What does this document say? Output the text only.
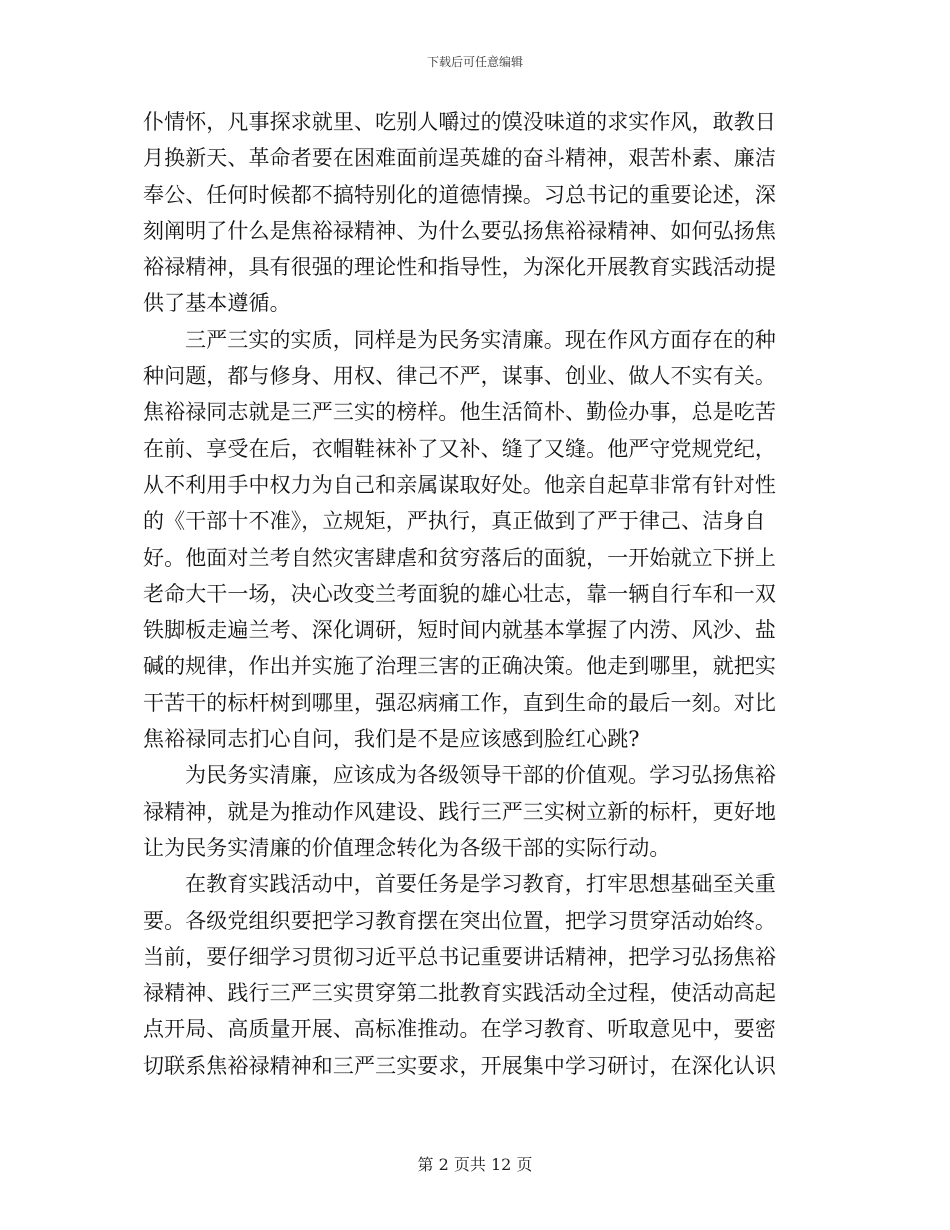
下载后可任意编辑
仆情怀，凡事探求就里、吃别人嚼过的馍没味道的求实作风，敢教日
月换新天、革命者要在困难面前逞英雄的奋斗精神，艰苦朴素、廉洁
奉公、任何时候都不搞特别化的道德情操。习总书记的重要论述，深
刻阐明了什么是焦裕禄精神、为什么要弘扬焦裕禄精神、如何弘扬焦
裕禄精神，具有很强的理论性和指导性，为深化开展教育实践活动提
供了基本遵循。
三严三实的实质，同样是为民务实清廉。现在作风方面存在的种
种问题，都与修身、用权、律己不严，谋事、创业、做人不实有关。
焦裕禄同志就是三严三实的榜样。他生活简朴、勤俭办事，总是吃苦
在前、享受在后，衣帽鞋袜补了又补、缝了又缝。他严守党规党纪，
从不利用手中权力为自己和亲属谋取好处。他亲自起草非常有针对性
的《干部十不准》，立规矩，严执行，真正做到了严于律己、洁身自
好。他面对兰考自然灾害肆虐和贫穷落后的面貌，一开始就立下拼上
老命大干一场，决心改变兰考面貌的雄心壮志，靠一辆自行车和一双
铁脚板走遍兰考、深化调研，短时间内就基本掌握了内涝、风沙、盐
碱的规律，作出并实施了治理三害的正确决策。他走到哪里，就把实
干苦干的标杆树到哪里，强忍病痛工作，直到生命的最后一刻。对比
焦裕禄同志扪心自问，我们是不是应该感到脸红心跳?
为民务实清廉，应该成为各级领导干部的价值观。学习弘扬焦裕
禄精神，就是为推动作风建设、践行三严三实树立新的标杆，更好地
让为民务实清廉的价值理念转化为各级干部的实际行动。
在教育实践活动中，首要任务是学习教育，打牢思想基础至关重
要。各级党组织要把学习教育摆在突出位置，把学习贯穿活动始终。
当前，要仔细学习贯彻习近平总书记重要讲话精神，把学习弘扬焦裕
禄精神、践行三严三实贯穿第二批教育实践活动全过程，使活动高起
点开局、高质量开展、高标准推动。在学习教育、听取意见中，要密
切联系焦裕禄精神和三严三实要求，开展集中学习研讨，在深化认识
第 2 页共 12 页
